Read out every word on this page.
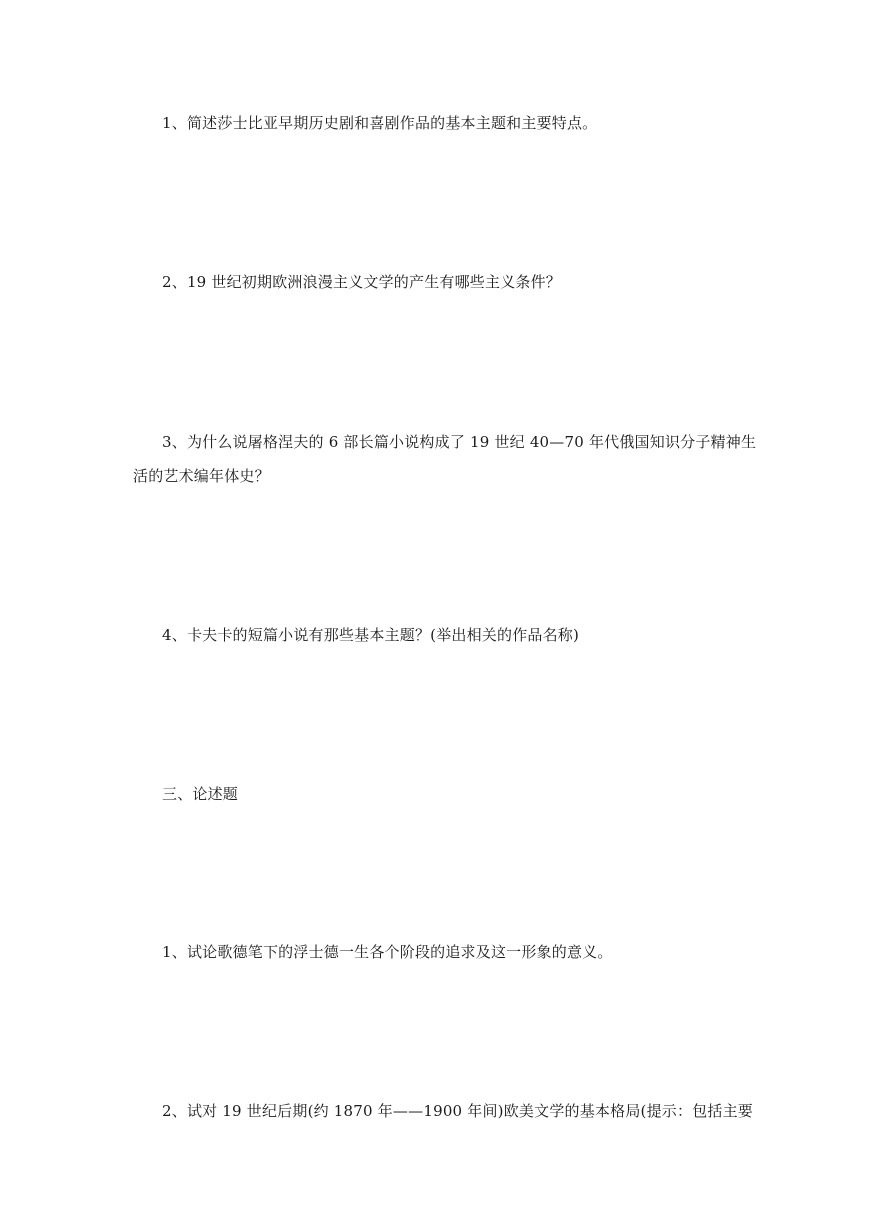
1、简述莎士比亚早期历史剧和喜剧作品的基本主题和主要特点。
2、19 世纪初期欧洲浪漫主义文学的产生有哪些主义条件？
3、为什么说屠格涅夫的 6 部长篇小说构成了 19 世纪 40—70 年代俄国知识分子精神生
活的艺术编年体史？
4、卡夫卡的短篇小说有那些基本主题？(举出相关的作品名称)
三、论述题
1、试论歌德笔下的浮士德一生各个阶段的追求及这一形象的意义。
2、试对 19 世纪后期(约 1870 年——1900 年间)欧美文学的基本格局(提示：包括主要
